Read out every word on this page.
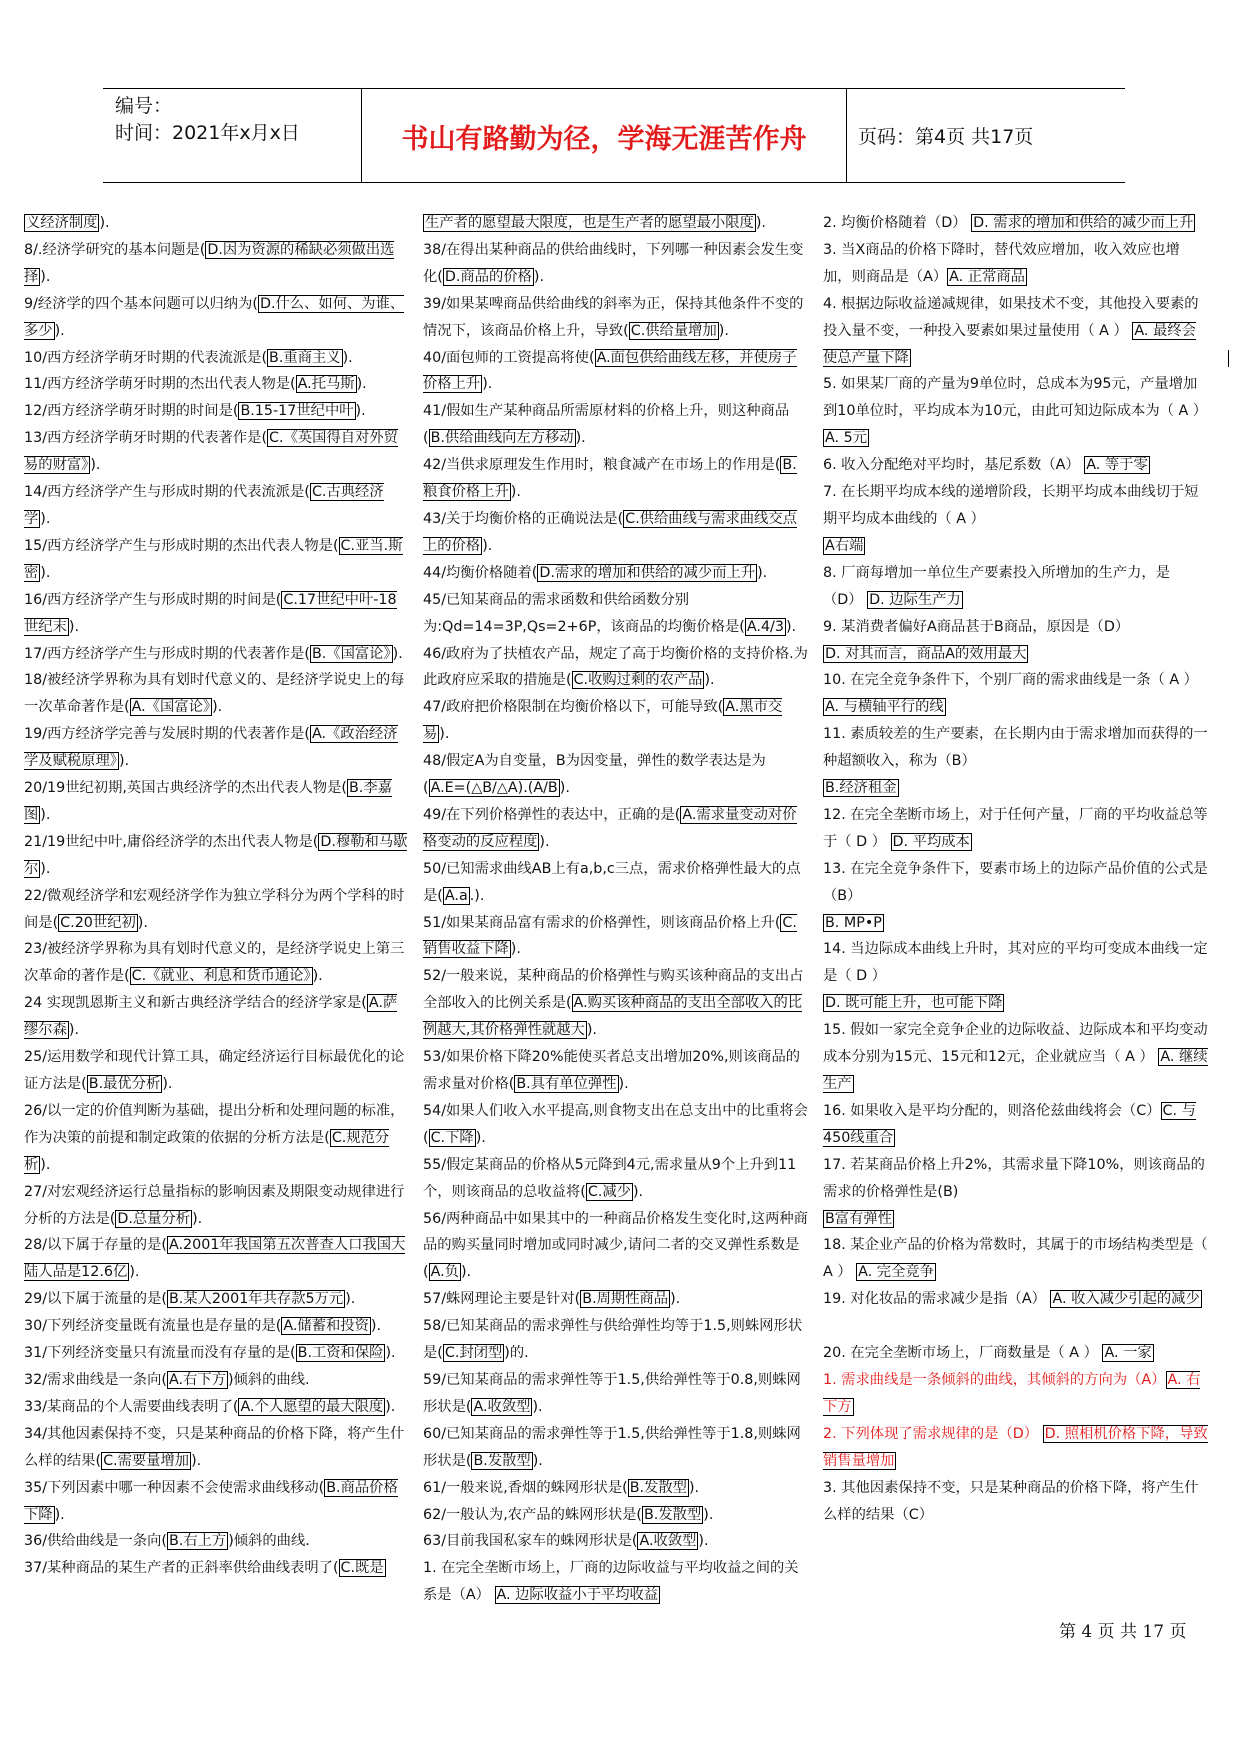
编号：
时间：2021年x月x日	书山有路勤为径，学海无涯苦作舟	页码：第4页 共17页
义经济制度 ).
8/.经济学研究的基本问题是( D.因为资源的稀缺必须做出选择 ).
9/经济学的四个基本问题可以归纳为( D.什么、如何、为谁、多少 ).
10/西方经济学萌牙时期的代表流派是( B.重商主义 ).
11/西方经济学萌牙时期的杰出代表人物是( A.托马斯 ).
12/西方经济学萌牙时期的时间是( B.15-17世纪中叶 ).
13/西方经济学萌牙时期的代表著作是( C.《英国得自对外贸易的财富》 ).
14/西方经济学产生与形成时期的代表流派是( C.古典经济学 ).
15/西方经济学产生与形成时期的杰出代表人物是( C.亚当.斯密 ).
16/西方经济学产生与形成时期的时间是( C.17世纪中叶-18世纪末 ).
17/西方经济学产生与形成时期的代表著作是( B.《国富论》 ).
18/被经济学界称为具有划时代意义的、是经济学说史上的每一次革命著作是( A.《国富论》 ).
19/西方经济学完善与发展时期的代表著作是( A.《政治经济学及赋税原理》 ).
20/19世纪初期,英国古典经济学的杰出代表人物是( B.李嘉图 ).
21/19世纪中叶,庸俗经济学的杰出代表人物是( D.穆勒和马歇尔 ).
22/微观经济学和宏观经济学作为独立学科分为两个学科的时间是( C.20世纪初 ).
23/被经济学界称为具有划时代意义的，是经济学说史上第三次革命的著作是( C.《就业、利息和货币通论》 ).
24 实现凯恩斯主义和新古典经济学结合的经济学家是( A.萨缪尔森 ).
25/运用数学和现代计算工具，确定经济运行目标最优化的论证方法是( B.最优分析 ).
26/以一定的价值判断为基础，提出分析和处理问题的标准，作为决策的前提和制定政策的依据的分析方法是( C.规范分析 ).
27/对宏观经济运行总量指标的影响因素及期限变动规律进行分析的方法是( D.总量分析 ).
28/以下属于存量的是( A.2001年我国第五次普查人口我国大陆人品是12.6亿 ).
29/以下属于流量的是( B.某人2001年共存款5万元 ).
30/下列经济变量既有流量也是存量的是( A.储蓄和投资 ).
31/下列经济变量只有流量而没有存量的是( B.工资和保险 ).
32/需求曲线是一条向( A.右下方 )倾斜的曲线.
33/某商品的个人需要曲线表明了( A.个人愿望的最大限度 ).
34/其他因素保持不变，只是某种商品的价格下降，将产生什么样的结果( C.需要量增加 ).
35/下列因素中哪一种因素不会使需求曲线移动( B.商品价格下降 ).
36/供给曲线是一条向( B.右上方 )倾斜的曲线.
37/某种商品的某生产者的正斜率供给曲线表明了( C.既是
生产者的愿望最大限度，也是生产者的愿望最小限度 ).
38/在得出某种商品的供给曲线时，下列哪一种因素会发生变化( D.商品的价格 ).
39/如果某啤商品供给曲线的斜率为正，保持其他条件不变的情况下，该商品价格上升，导致( C.供给量增加 ).
40/面包师的工资提高将使( A.面包供给曲线左移，并使房子价格上升 ).
41/假如生产某种商品所需原材料的价格上升，则这种商品( B.供给曲线向左方移动 ).
42/当供求原理发生作用时，粮食减产在市场上的作用是( B.粮食价格上升 ).
43/关于均衡价格的正确说法是( C.供给曲线与需求曲线交点上的价格 ).
44/均衡价格随着( D.需求的增加和供给的减少而上升 ).
45/已知某商品的需求函数和供给函数分别为:Qd=14=3P,Qs=2+6P，该商品的均衡价格是( A.4/3 ).
46/政府为了扶植农产品，规定了高于均衡价格的支持价格.为此政府应采取的措施是( C.收购过剩的农产品 ).
47/政府把价格限制在均衡价格以下，可能导致( A.黑市交易 ).
48/假定A为自变量，B为因变量，弹性的数学表达是为( A.E=(△B/△A).(A/B ).
49/在下列价格弹性的表达中，正确的是( A.需求量变动对价格变动的反应程度 ).
50/已知需求曲线AB上有a,b,c三点，需求价格弹性最大的点是( A.a .).
51/如果某商品富有需求的价格弹性，则该商品价格上升( C.销售收益下降 ).
52/一般来说，某种商品的价格弹性与购买该种商品的支出占全部收入的比例关系是( A.购买该种商品的支出全部收入的比例越大,其价格弹性就越大 ).
53/如果价格下降20%能使买者总支出增加20%,则该商品的需求量对价格( B.具有单位弹性 ).
54/如果人们收入水平提高,则食物支出在总支出中的比重将会( C.下降 ).
55/假定某商品的价格从5元降到4元,需求量从9个上升到11个，则该商品的总收益将( C.减少 ).
56/两种商品中如果其中的一种商品价格发生变化时,这两种商品的购买量同时增加或同时减少,请问二者的交叉弹性系数是( A.负 ).
57/蛛网理论主要是针对( B.周期性商品 ).
58/已知某商品的需求弹性与供给弹性均等于1.5,则蛛网形状是( C.封闭型 )的.
59/已知某商品的需求弹性等于1.5,供给弹性等于0.8,则蛛网形状是( A.收敛型 ).
60/已知某商品的需求弹性等于1.5,供给弹性等于1.8,则蛛网形状是( B.发散型 ).
61/一般来说,香烟的蛛网形状是( B.发散型 ).
62/一般认为,农产品的蛛网形状是( B.发散型 ).
63/目前我国私家车的蛛网形状是( A.收敛型 ).
1. 在完全垄断市场上，厂商的边际收益与平均收益之间的关系是（A） A. 边际收益小于平均收益
2. 均衡价格随着（D） D. 需求的增加和供给的减少而上升
3. 当X商品的价格下降时，替代效应增加，收入效应也增加，则商品是（A） A. 正常商品
4. 根据边际收益递减规律，如果技术不变，其他投入要素的投入量不变，一种投入要素如果过量使用（ A ） A. 最终会使总产量下降
5. 如果某厂商的产量为9单位时，总成本为95元，产量增加到10单位时，平均成本为10元，由此可知边际成本为（ A ） A. 5元
6. 收入分配绝对平均时，基尼系数（A） A. 等于零
7. 在长期平均成本线的递增阶段，长期平均成本曲线切于短期平均成本曲线的（ A ）
A右端
8. 厂商每增加一单位生产要素投入所增加的生产力，是（D） D. 边际生产力
9. 某消费者偏好A商品甚于B商品，原因是（D）
D. 对其而言，商品A的效用最大
10. 在完全竞争条件下，个别厂商的需求曲线是一条（ A ） A. 与横轴平行的线
11. 素质较差的生产要素，在长期内由于需求增加而获得的一种超额收入，称为（B）
B.经济租金
12. 在完全垄断市场上，对于任何产量，厂商的平均收益总等于（ D ） D. 平均成本
13. 在完全竞争条件下，要素市场上的边际产品价值的公式是（B）
B. MP•P
14. 当边际成本曲线上升时，其对应的平均可变成本曲线一定是（ D ）
D. 既可能上升，也可能下降
15. 假如一家完全竞争企业的边际收益、边际成本和平均变动成本分别为15元、15元和12元，企业就应当（ A ） A. 继续生产
16. 如果收入是平均分配的，则洛伦兹曲线将会（C） C. 与450线重合
17. 若某商品价格上升2%，其需求量下降10%，则该商品的需求的价格弹性是(B)
B富有弹性
18. 某企业产品的价格为常数时，其属于的市场结构类型是（ A ） A. 完全竞争
19. 对化妆品的需求减少是指（A） A. 收入减少引起的减少

20. 在完全垄断市场上，厂商数量是（ A ） A. 一家
1. 需求曲线是一条倾斜的曲线，其倾斜的方向为（A） A. 右下方
2. 下列体现了需求规律的是（D） D. 照相机价格下降，导致销售量增加
3. 其他因素保持不变，只是某种商品的价格下降，将产生什么样的结果（C）
第 4 页 共 17 页
